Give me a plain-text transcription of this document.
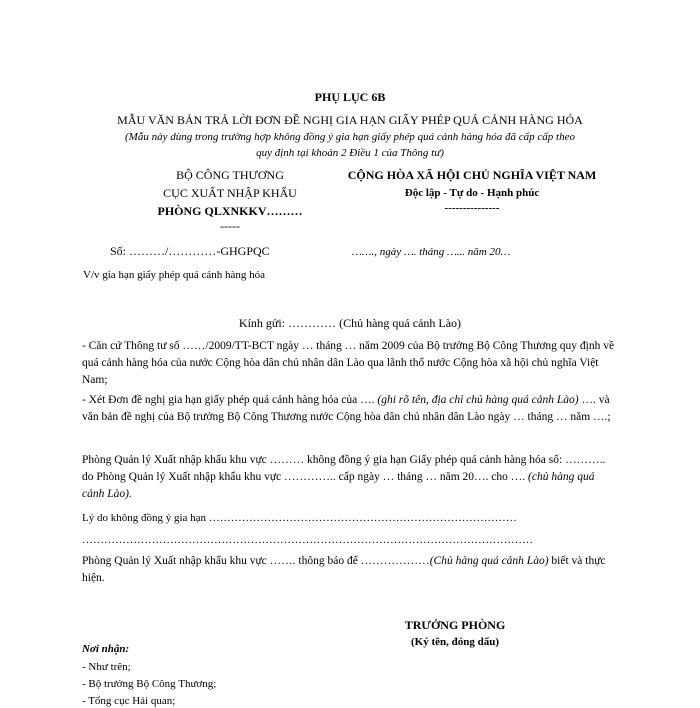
PHỤ LỤC 6B
MẪU VĂN BẢN TRẢ LỜI ĐƠN ĐỀ NGHỊ GIA HẠN GIẤY PHÉP QUÁ CẢNH HÀNG HÓA
(Mẫu này dùng trong trường hợp không đồng ý gia hạn giấy phép quá cảnh hàng hóa đã cấp cấp theo
quy định tại khoản 2 Điều 1 của Thông tư)
BỘ CÔNG THƯƠNG
CỤC XUẤT NHẬP KHẨU
PHÒNG QLXNKKV………
-----
Số: ………/…………-GHGPQC
V/v gia hạn giấy phép quá cảnh hàng hóa
CỘNG HÒA XÃ HỘI CHỦ NGHĨA VIỆT NAM
Độc lập - Tự do - Hạnh phúc
---------------
……., ngày …. tháng …... năm 20…
Kính gửi: ………… (Chủ hàng quá cảnh Lào)
- Căn cứ Thông tư số ……/2009/TT-BCT ngày … tháng … năm 2009 của Bộ trưởng Bộ Công Thương quy định về quá cảnh hàng hóa của nước Cộng hòa dân chủ nhân dân Lào qua lãnh thổ nước Cộng hòa xã hội chủ nghĩa Việt Nam;
- Xét Đơn đề nghị gia hạn giấy phép quá cảnh hàng hóa của …. (ghi rõ tên, địa chỉ chủ hàng quá cảnh Lào) …. và văn bản đề nghị của Bộ trưởng Bộ Công Thương nước Cộng hòa dân chủ nhân dân Lào ngày … tháng … năm ….;
Phòng Quản lý Xuất nhập khẩu khu vực ……… không đồng ý gia hạn Giấy phép quá cảnh hàng hóa số: ……….. do Phòng Quản lý Xuất nhập khẩu khu vực ………….. cấp ngày … tháng … năm 20…. cho …. (chủ hàng quá cảnh Lào).
Lý do không đồng ý gia hạn …………………………………………………………………………
……………………………………………………………………………………………………………
Phòng Quản lý Xuất nhập khẩu khu vực ……. thông báo để ………………(Chủ hàng quá cảnh Lào) biết và thực hiện.
TRƯỞNG PHÒNG
(Ký tên, đóng dấu)
Nơi nhận:
- Như trên;
- Bộ trưởng Bộ Công Thương;
- Tổng cục Hải quan;
